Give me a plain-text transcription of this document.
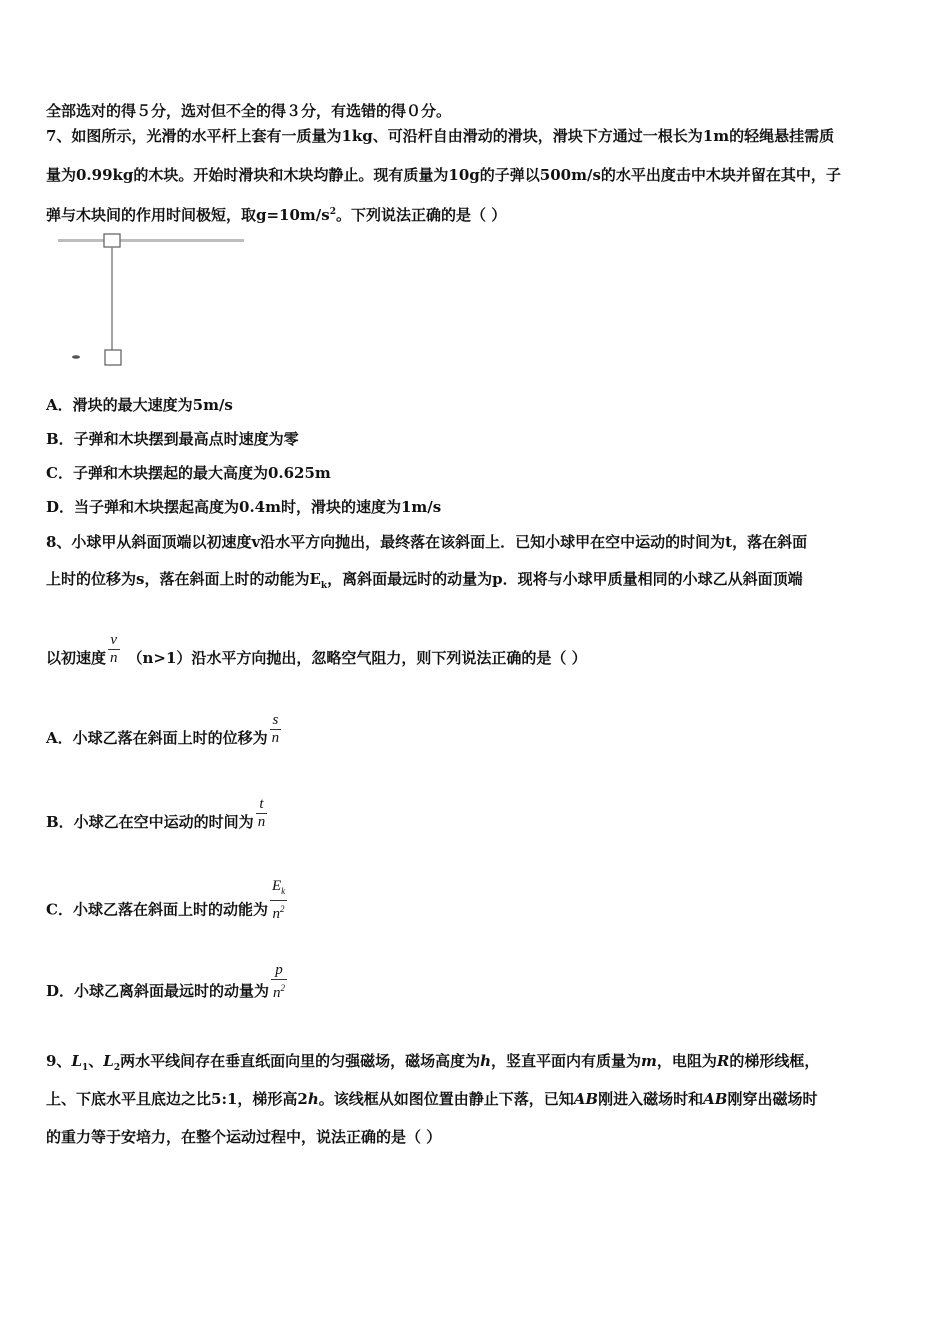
全部选对的得５分，选对但不全的得３分，有选错的得０分。
7、如图所示，光滑的水平杆上套有一质量为1kg、可沿杆自由滑动的滑块，滑块下方通过一根长为1m的轻绳悬挂需质
量为0.99kg的木块。开始时滑块和木块均静止。现有质量为10g的子弹以500m/s的水平出度击中木块并留在其中，子
弹与木块间的作用时间极短，取$g=10m/s^2$。下列说法正确的是（ ）
A．滑块的最大速度为5m/s
B．子弹和木块摆到最高点时速度为零
C．子弹和木块摆起的最大高度为0.625m
D．当子弹和木块摆起高度为0.4m时，滑块的速度为1m/s
8、小球甲从斜面顶端以初速度v沿水平方向抛出，最终落在该斜面上．已知小球甲在空中运动的时间为t，落在斜面
上时的位移为s，落在斜面上时的动能为$E_k$，离斜面最远时的动量为p．现将与小球甲质量相同的小球乙从斜面顶端
以初速度 $\frac{v}{n} (n>1)$沿水平方向抛出，忽略空气阻力，则下列说法正确的是（ ）
A．小球乙落在斜面上时的位移为 $\frac{s}{n}$
B．小球乙在空中运动的时间为 $\frac{t}{n}$
C．小球乙落在斜面上时的动能为 $\frac{E_k}{n^2}$
D．小球乙离斜面最远时的动量为 $\frac{p}{n^2}$
9、$L_1$、$L_2$两水平线间存在垂直纸面向里的匀强磁场，磁场高度为h，竖直平面内有质量为m，电阻为R的梯形线框，
上、下底水平且底边之比5:1，梯形高2h。该线框从如图位置由静止下落，已知AB刚进入磁场时和AB刚穿出磁场时
的重力等于安培力，在整个运动过程中，说法正确的是（ ）
